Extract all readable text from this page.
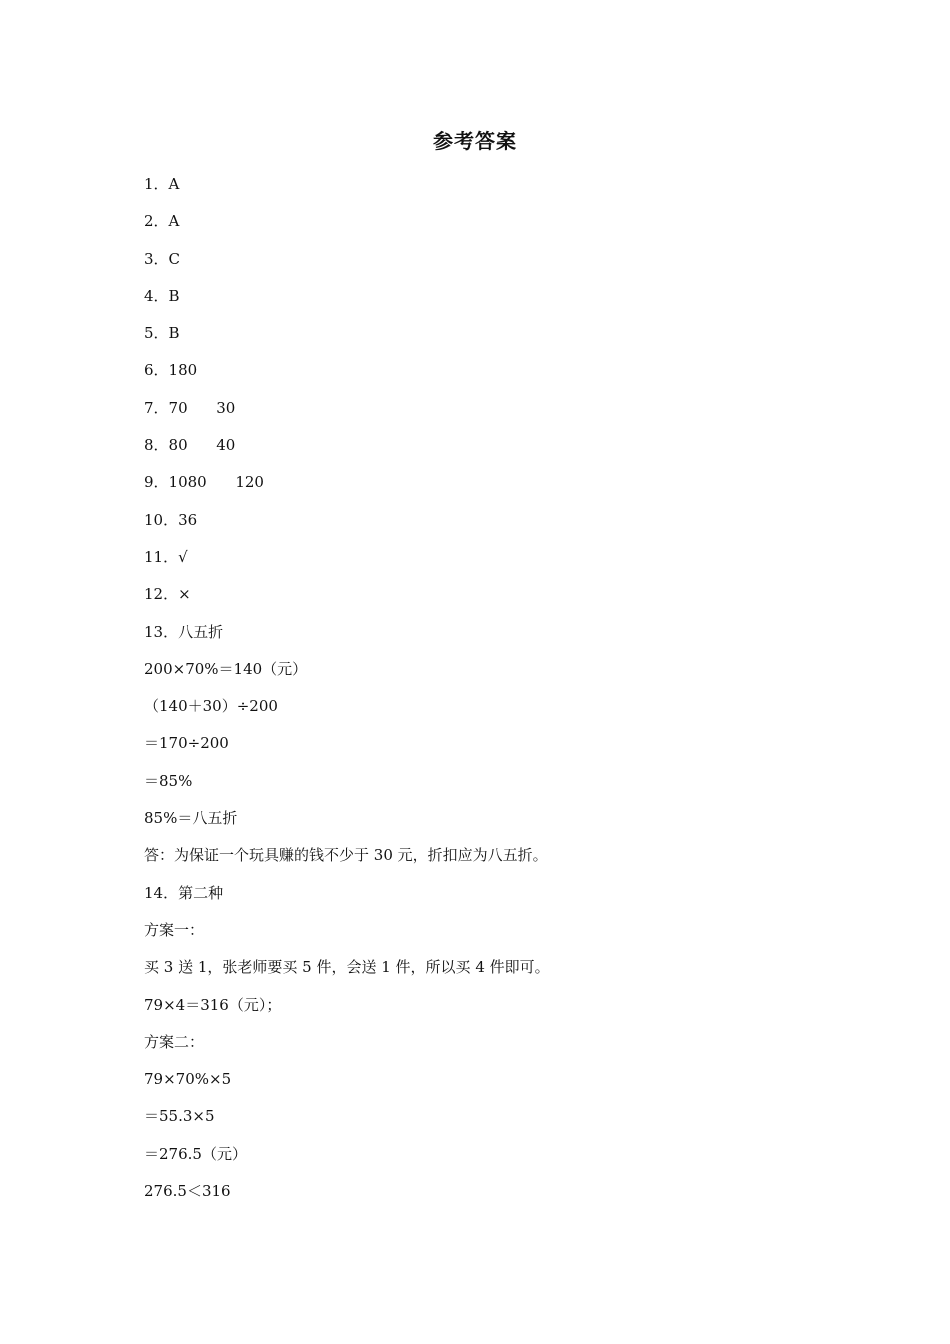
参考答案
1．A
2．A
3．C
4．B
5．B
6．180
7．70      30
8．80      40
9．1080      120
10．36
11．√
12．×
13．八五折
200×70%＝140（元）
（140＋30）÷200
＝170÷200
＝85%
85%＝八五折
答：为保证一个玩具赚的钱不少于 30 元，折扣应为八五折。
14．第二种
方案一：
买 3 送 1，张老师要买 5 件，会送 1 件，所以买 4 件即可。
79×4＝316（元）；
方案二：
79×70%×5
＝55.3×5
＝276.5（元）
276.5＜316
